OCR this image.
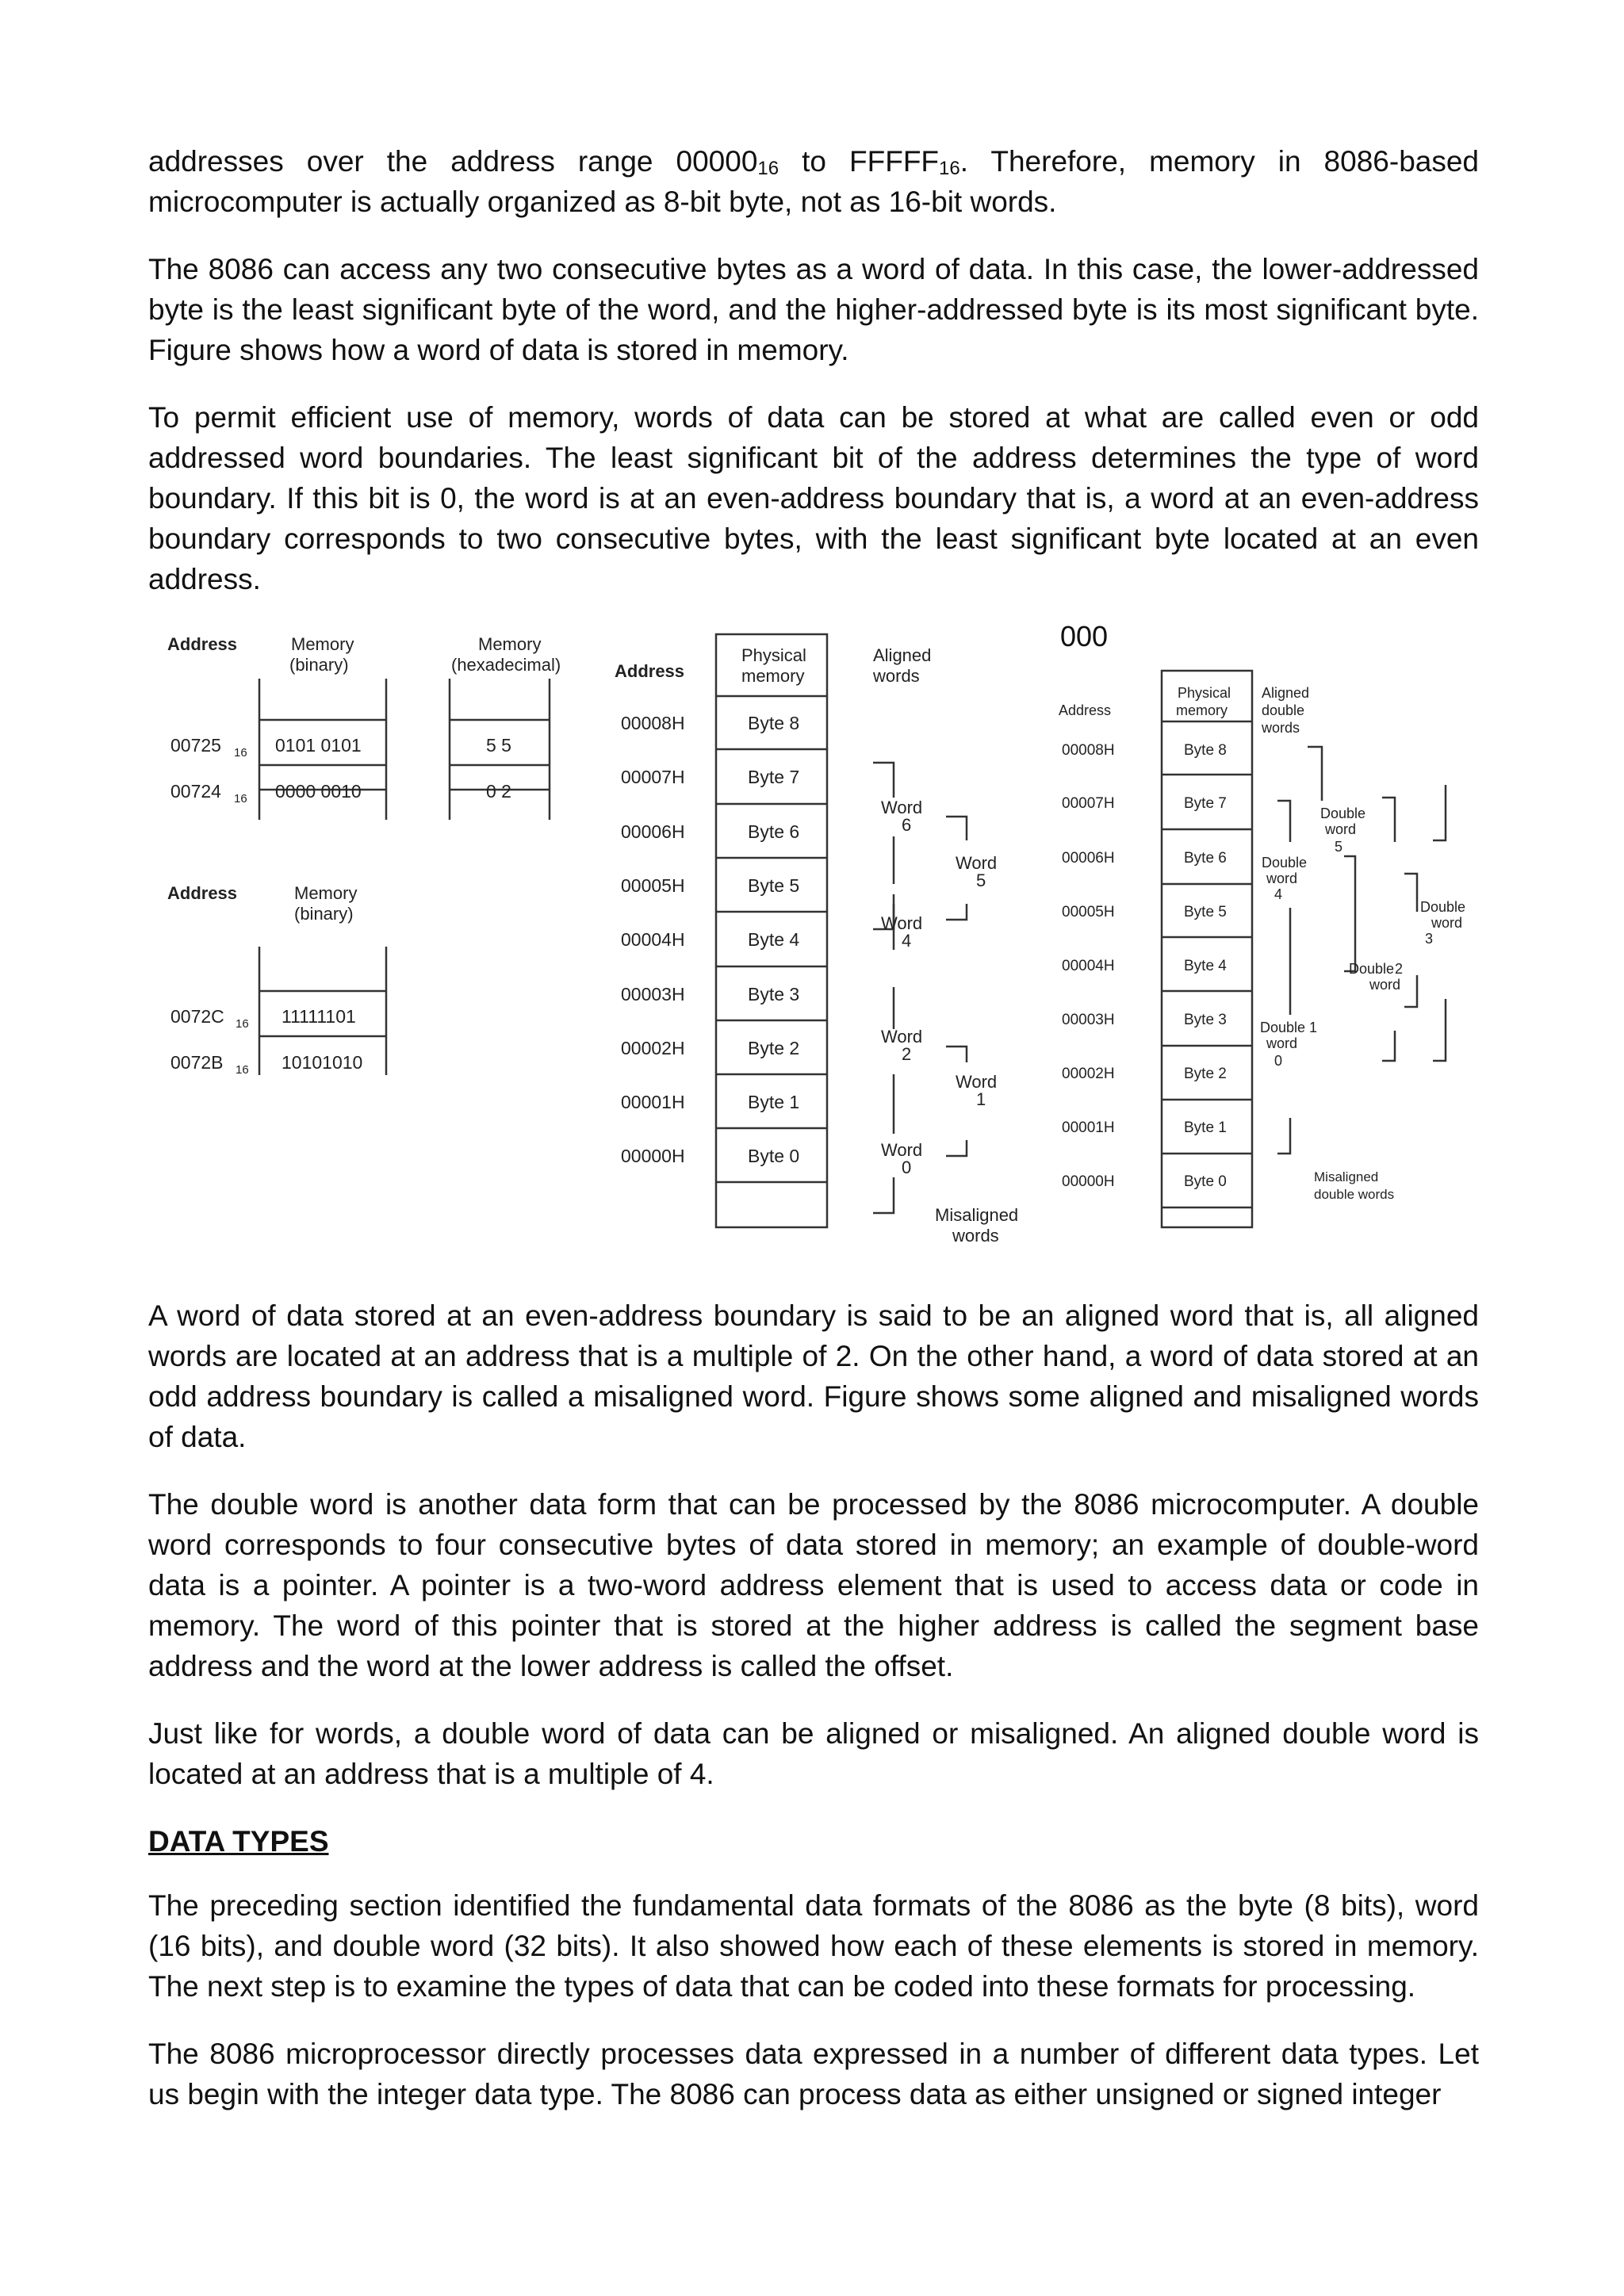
addresses over the address range $00000_{16}$ to $FFFFF_{16}$. Therefore, memory in 8086-based microcomputer is actually organized as 8-bit byte, not as 16-bit words.

The 8086 can access any two consecutive bytes as a word of data. In this case, the lower-addressed byte is the least significant byte of the word, and the higher-addressed byte is its most significant byte. Figure shows how a word of data is stored in memory.

To permit efficient use of memory, words of data can be stored at what are called even or odd addressed word boundaries. The least significant bit of the address determines the type of word boundary. If this bit is 0, the word is at an even-address boundary that is, a word at an even-address boundary corresponds to two consecutive bytes, with the least significant byte located at an even address.

000
Address	Memory
(binary)
Memory
(hexadecimal)
00725 16 0101 0101	5 5
00724 16 0000 0010	0 2
Address	Memory
(binary)
0072C 16 11111101
0072B 16 10101010
Address
Physical
memory
Aligned
words
00008H	Byte 8
00007H	Byte 7
00006H	Byte 6
00005H	Byte 5
00004H	Byte 4
00003H	Byte 3
00002H	Byte 2
00001H	Byte 1
00000H	Byte 0
Word
6
Word
4
Word
2
Word
0
Word
5
Word
1
Misaligned
words
Address
Physical
memory
Aligned
double
words
00008H	Byte 8
00007H	Byte 7
00006H	Byte 6
00005H	Byte 5
00004H	Byte 4
00003H	Byte 3
00002H	Byte 2
00001H	Byte 1
00000H	Byte 0
Double
word
5
Double
word
4
Double
word
3
Double
word
2
Double
word
1
0
Misaligned
double words

A word of data stored at an even-address boundary is said to be an aligned word that is, all aligned words are located at an address that is a multiple of 2. On the other hand, a word of data stored at an odd address boundary is called a misaligned word. Figure shows some aligned and misaligned words of data.

The double word is another data form that can be processed by the 8086 microcomputer. A double word corresponds to four consecutive bytes of data stored in memory; an example of double-word data is a pointer. A pointer is a two-word address element that is used to access data or code in memory. The word of this pointer that is stored at the higher address is called the segment base address and the word at the lower address is called the offset.

Just like for words, a double word of data can be aligned or misaligned. An aligned double word is located at an address that is a multiple of 4.

DATA TYPES

The preceding section identified the fundamental data formats of the 8086 as the byte (8 bits), word (16 bits), and double word (32 bits). It also showed how each of these elements is stored in memory. The next step is to examine the types of data that can be coded into these formats for processing.

The 8086 microprocessor directly processes data expressed in a number of different data types. Let us begin with the integer data type. The 8086 can process data as either unsigned or signed integer
